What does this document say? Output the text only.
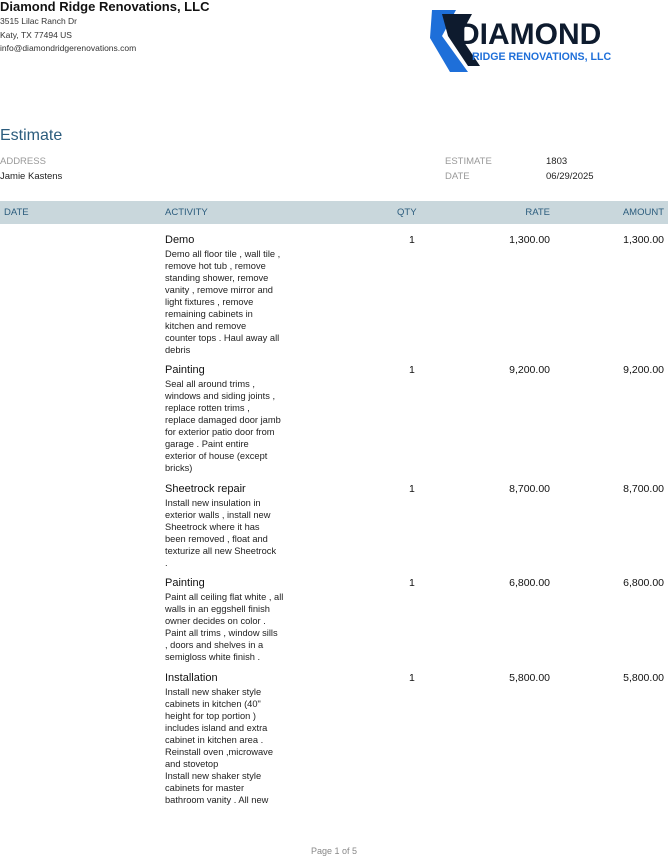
Diamond Ridge Renovations, LLC
3515 Lilac Ranch Dr
Katy, TX 77494 US
info@diamondridgerenovations.com	DIAMOND
RIDGE RENOVATIONS, LLC
Estimate
ADDRESS
Jamie Kastens
ESTIMATE	1803
DATE	06/29/2025
DATE	ACTIVITY	QTY	RATE	AMOUNT
Demo
Demo all floor tile , wall tile ,
remove hot tub , remove
standing shower, remove
vanity , remove mirror and
light fixtures , remove
remaining cabinets in
kitchen and remove
counter tops . Haul away all
debris
1	1,300.00	1,300.00
Painting
Seal all around trims ,
windows and siding joints ,
replace rotten trims ,
replace damaged door jamb
for exterior patio door from
garage . Paint entire
exterior of house (except
bricks)
1	9,200.00	9,200.00
Sheetrock repair
Install new insulation in
exterior walls , install new
Sheetrock where it has
been removed , float and
texturize all new Sheetrock
.
1	8,700.00	8,700.00
Painting
Paint all ceiling flat white , all
walls in an eggshell finish
owner decides on color .
Paint all trims , window sills
, doors and shelves in a
semigloss white finish .
1	6,800.00	6,800.00
Installation
Install new shaker style
cabinets in kitchen (40"
height for top portion )
includes island and extra
cabinet in kitchen area .
Reinstall oven ,microwave
and stovetop
Install new shaker style
cabinets for master
bathroom vanity . All new
1	5,800.00	5,800.00
Page 1 of 5
